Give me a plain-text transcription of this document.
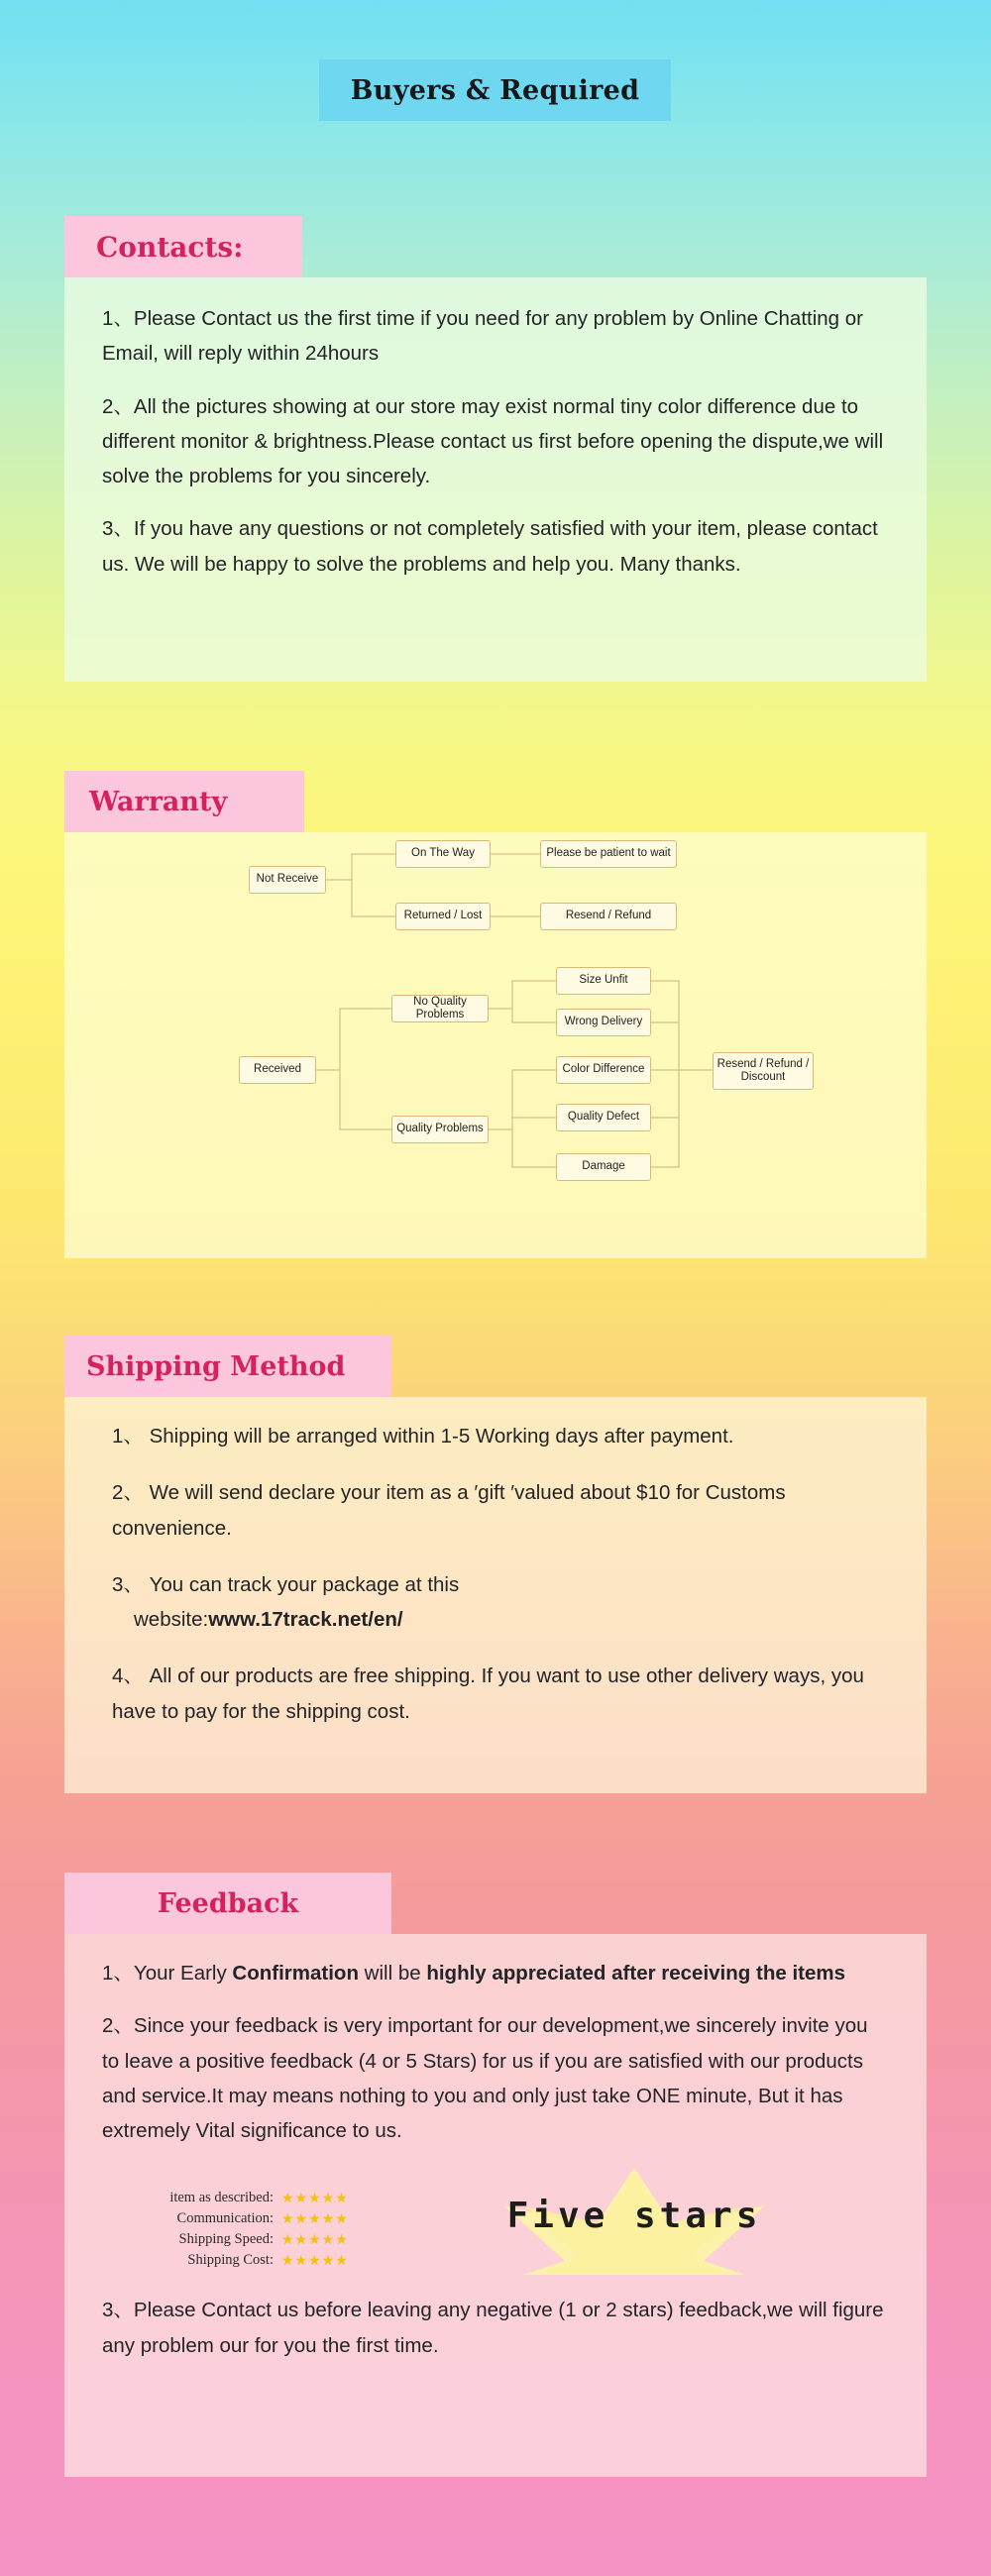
Buyers & Required
Contacts:

1、Please Contact us the first time if you need for any problem by Online Chatting or Email, will reply within 24hours

2、All the pictures showing at our store may exist normal tiny color difference due to different monitor & brightness.Please contact us first before opening the dispute,we will solve the problems for you sincerely.

3、If you have any questions or not completely satisfied with your item, please contact us. We will be happy to solve the problems and help you. Many thanks.

Warranty
Not Receive
On The Way	Please be patient to wait
Returned / Lost	Resend / Refund
Received
No Quality Problems
Size Unfit
Wrong Delivery
Quality Problems
Color Difference
Quality Defect
Damage
Resend / Refund / Discount
Shipping Method

1、 Shipping will be arranged within 1-5 Working days after payment.

2、 We will send declare your item as a ′gift ′valued about $10 for Customs convenience.

3、 You can track your package at this
website:www.17track.net/en/

4、 All of our products are free shipping. If you want to use other delivery ways, you have to pay for the shipping cost.

Feedback

1、Your Early Confirmation will be highly appreciated after receiving the items

2、Since your feedback is very important for our development,we sincerely invite you to leave a positive feedback (4 or 5 Stars) for us if you are satisfied with our products and service.It may means nothing to you and only just take ONE minute, But it has extremely Vital significance to us.

3、Please Contact us before leaving any negative (1 or 2 stars) feedback,we will figure any problem our for you the first time.

item as described: ★★★★★
Communication: ★★★★★
Shipping Speed: ★★★★★
Shipping Cost: ★★★★★
Five stars
